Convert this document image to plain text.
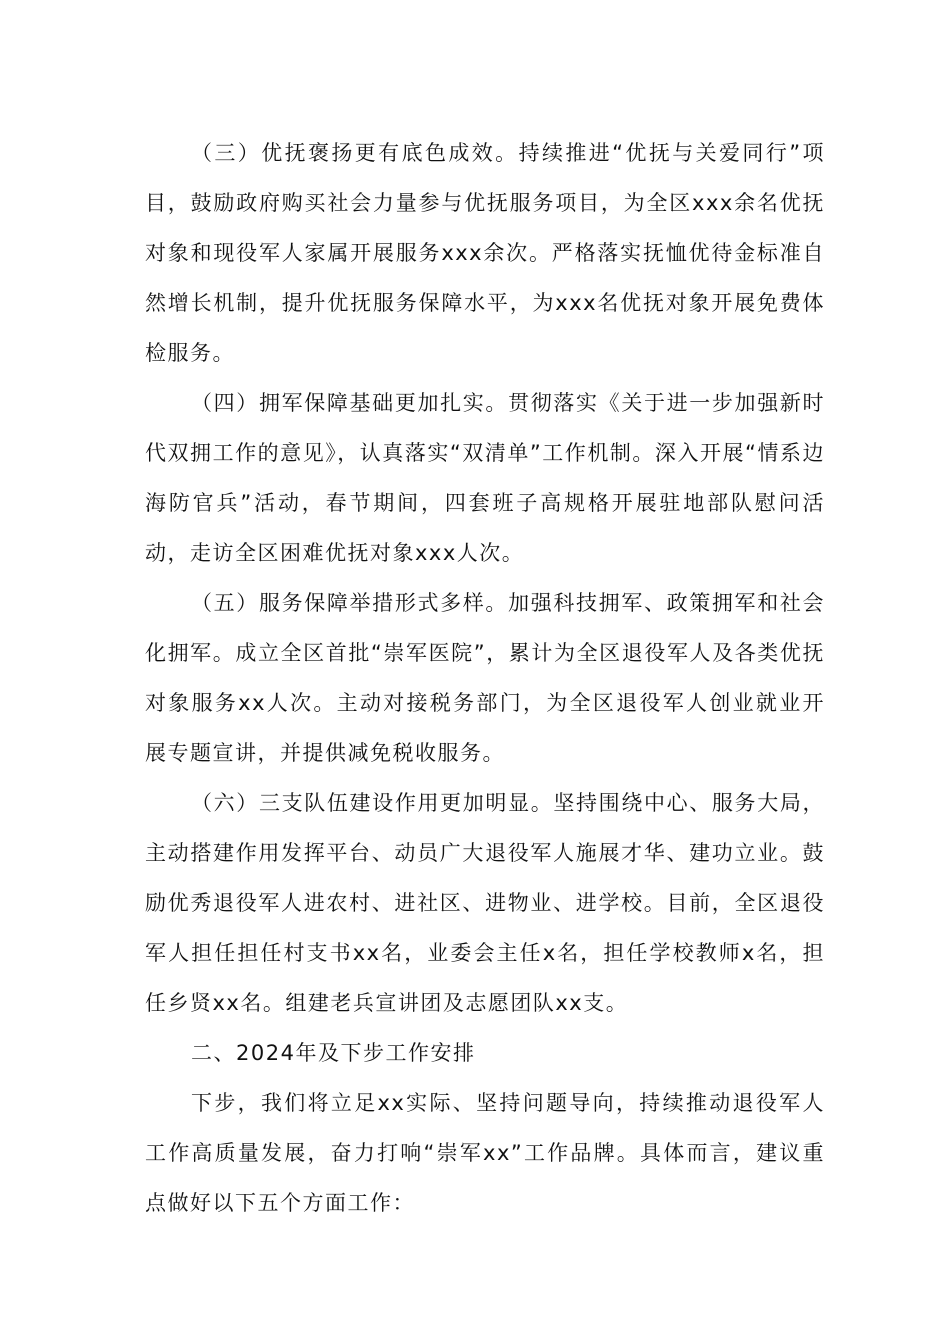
（三）优抚褒扬更有底色成效。持续推进“优抚与关爱同行”项目，鼓励政府购买社会力量参与优抚服务项目，为全区xxx余名优抚对象和现役军人家属开展服务xxx余次。严格落实抚恤优待金标准自然增长机制，提升优抚服务保障水平，为xxx名优抚对象开展免费体检服务。

（四）拥军保障基础更加扎实。贯彻落实《关于进一步加强新时代双拥工作的意见》，认真落实“双清单”工作机制。深入开展“情系边海防官兵”活动，春节期间，四套班子高规格开展驻地部队慰问活动，走访全区困难优抚对象xxx人次。

（五）服务保障举措形式多样。加强科技拥军、政策拥军和社会化拥军。成立全区首批“崇军医院”，累计为全区退役军人及各类优抚对象服务xx人次。主动对接税务部门，为全区退役军人创业就业开展专题宣讲，并提供减免税收服务。

（六）三支队伍建设作用更加明显。坚持围绕中心、服务大局，主动搭建作用发挥平台、动员广大退役军人施展才华、建功立业。鼓励优秀退役军人进农村、进社区、进物业、进学校。目前，全区退役军人担任担任村支书xx名，业委会主任x名，担任学校教师x名，担任乡贤xx名。组建老兵宣讲团及志愿团队xx支。

二、2024年及下步工作安排

下步，我们将立足xx实际、坚持问题导向，持续推动退役军人工作高质量发展，奋力打响“崇军xx”工作品牌。具体而言，建议重点做好以下五个方面工作：
